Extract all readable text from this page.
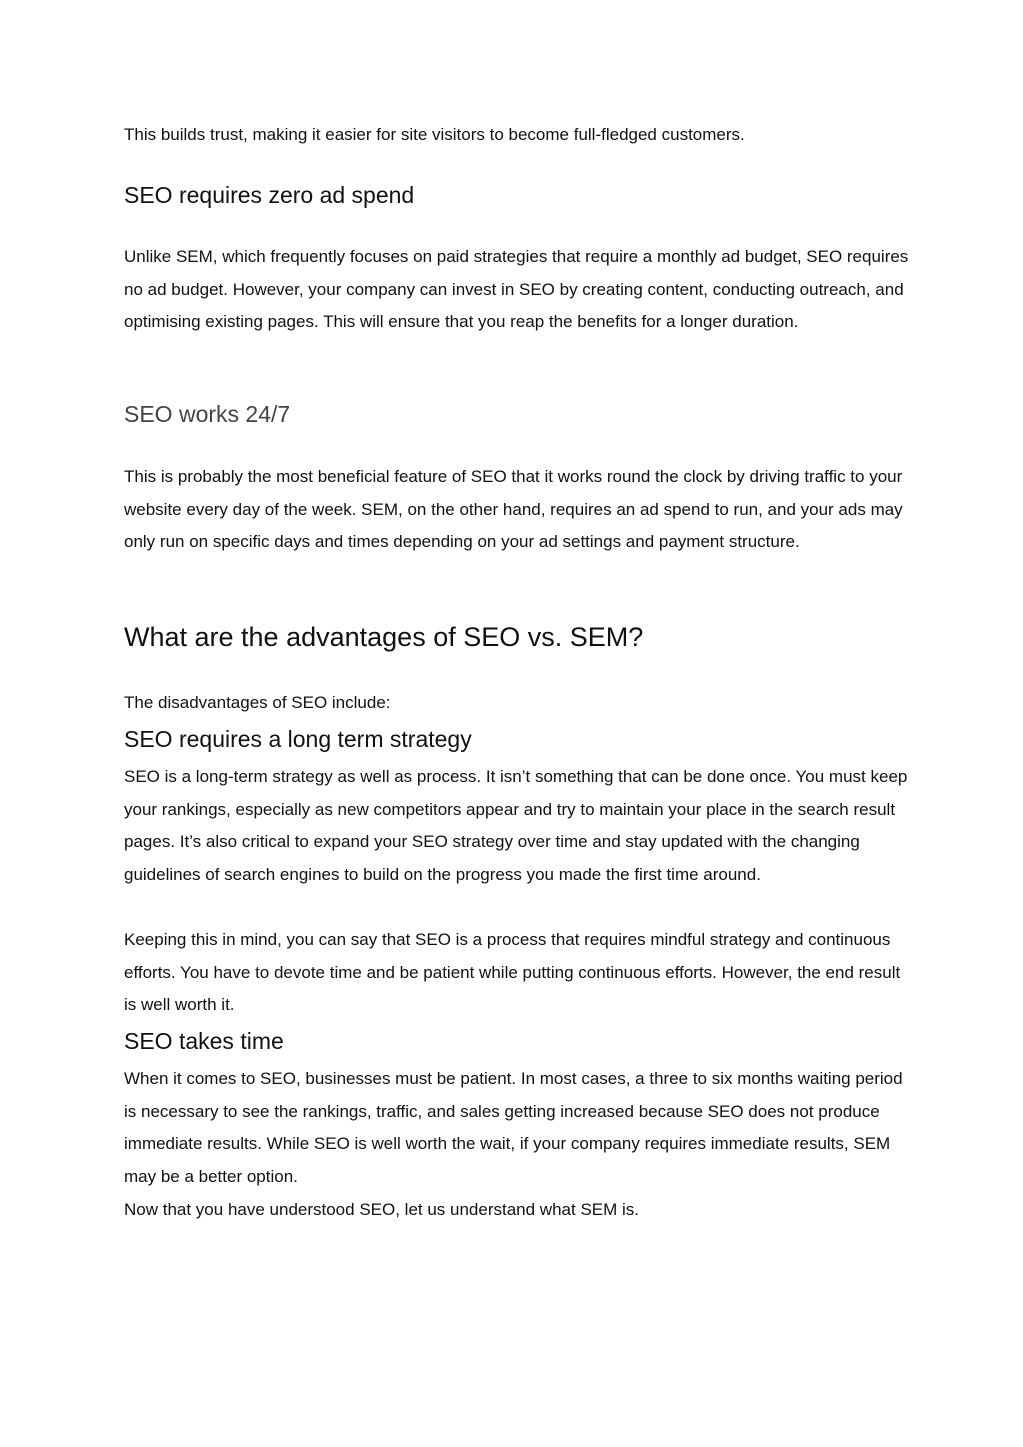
This builds trust, making it easier for site visitors to become full-fledged customers.

SEO requires zero ad spend

Unlike SEM, which frequently focuses on paid strategies that require a monthly ad budget, SEO requires no ad budget. However, your company can invest in SEO by creating content, conducting outreach, and optimising existing pages. This will ensure that you reap the benefits for a longer duration.

SEO works 24/7

This is probably the most beneficial feature of SEO that it works round the clock by driving traffic to your website every day of the week. SEM, on the other hand, requires an ad spend to run, and your ads may only run on specific days and times depending on your ad settings and payment structure.

What are the advantages of SEO vs. SEM?

The disadvantages of SEO include:

SEO requires a long term strategy

SEO is a long-term strategy as well as process. It isn’t something that can be done once. You must keep your rankings, especially as new competitors appear and try to maintain your place in the search result pages. It’s also critical to expand your SEO strategy over time and stay updated with the changing guidelines of search engines to build on the progress you made the first time around.

Keeping this in mind, you can say that SEO is a process that requires mindful strategy and continuous efforts. You have to devote time and be patient while putting continuous efforts. However, the end result is well worth it.

SEO takes time

When it comes to SEO, businesses must be patient. In most cases, a three to six months waiting period is necessary to see the rankings, traffic, and sales getting increased because SEO does not produce immediate results. While SEO is well worth the wait, if your company requires immediate results, SEM may be a better option.

Now that you have understood SEO, let us understand what SEM is.
